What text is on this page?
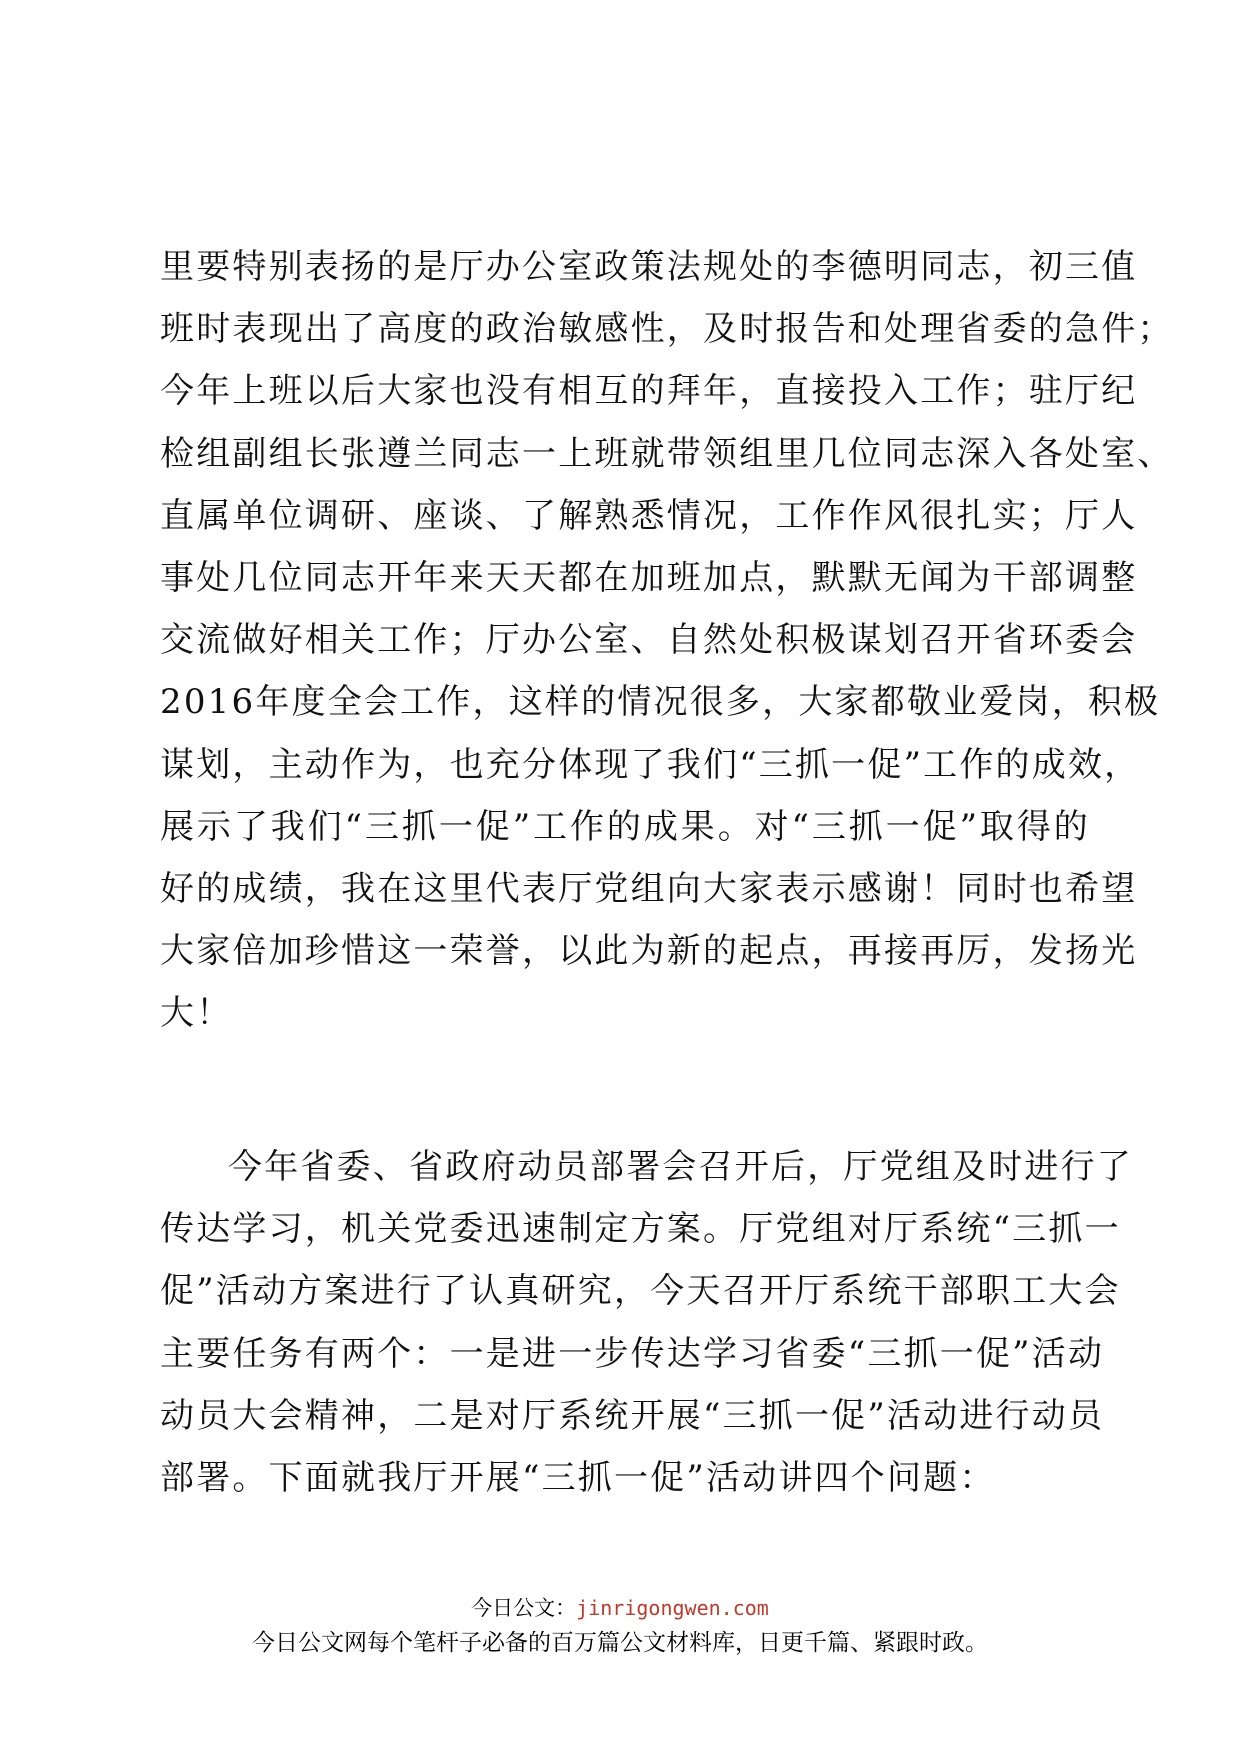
里要特别表扬的是厅办公室政策法规处的李德明同志，初三值
班时表现出了高度的政治敏感性，及时报告和处理省委的急件；
今年上班以后大家也没有相互的拜年，直接投入工作；驻厅纪
检组副组长张遵兰同志一上班就带领组里几位同志深入各处室、
直属单位调研、座谈、了解熟悉情况，工作作风很扎实；厅人
事处几位同志开年来天天都在加班加点，默默无闻为干部调整
交流做好相关工作；厅办公室、自然处积极谋划召开省环委会
2016年度全会工作，这样的情况很多，大家都敬业爱岗，积极
谋划，主动作为，也充分体现了我们“三抓一促”工作的成效，
展示了我们“三抓一促”工作的成果。对“三抓一促”取得的
好的成绩，我在这里代表厅党组向大家表示感谢！同时也希望
大家倍加珍惜这一荣誉，以此为新的起点，再接再厉，发扬光
大！
今年省委、省政府动员部署会召开后，厅党组及时进行了
传达学习，机关党委迅速制定方案。厅党组对厅系统“三抓一
促”活动方案进行了认真研究，今天召开厅系统干部职工大会
主要任务有两个：一是进一步传达学习省委“三抓一促”活动
动员大会精神，二是对厅系统开展“三抓一促”活动进行动员
部署。下面就我厅开展“三抓一促”活动讲四个问题：
今日公文：jinrigongwen.com
今日公文网每个笔杆子必备的百万篇公文材料库，日更千篇、紧跟时政。
